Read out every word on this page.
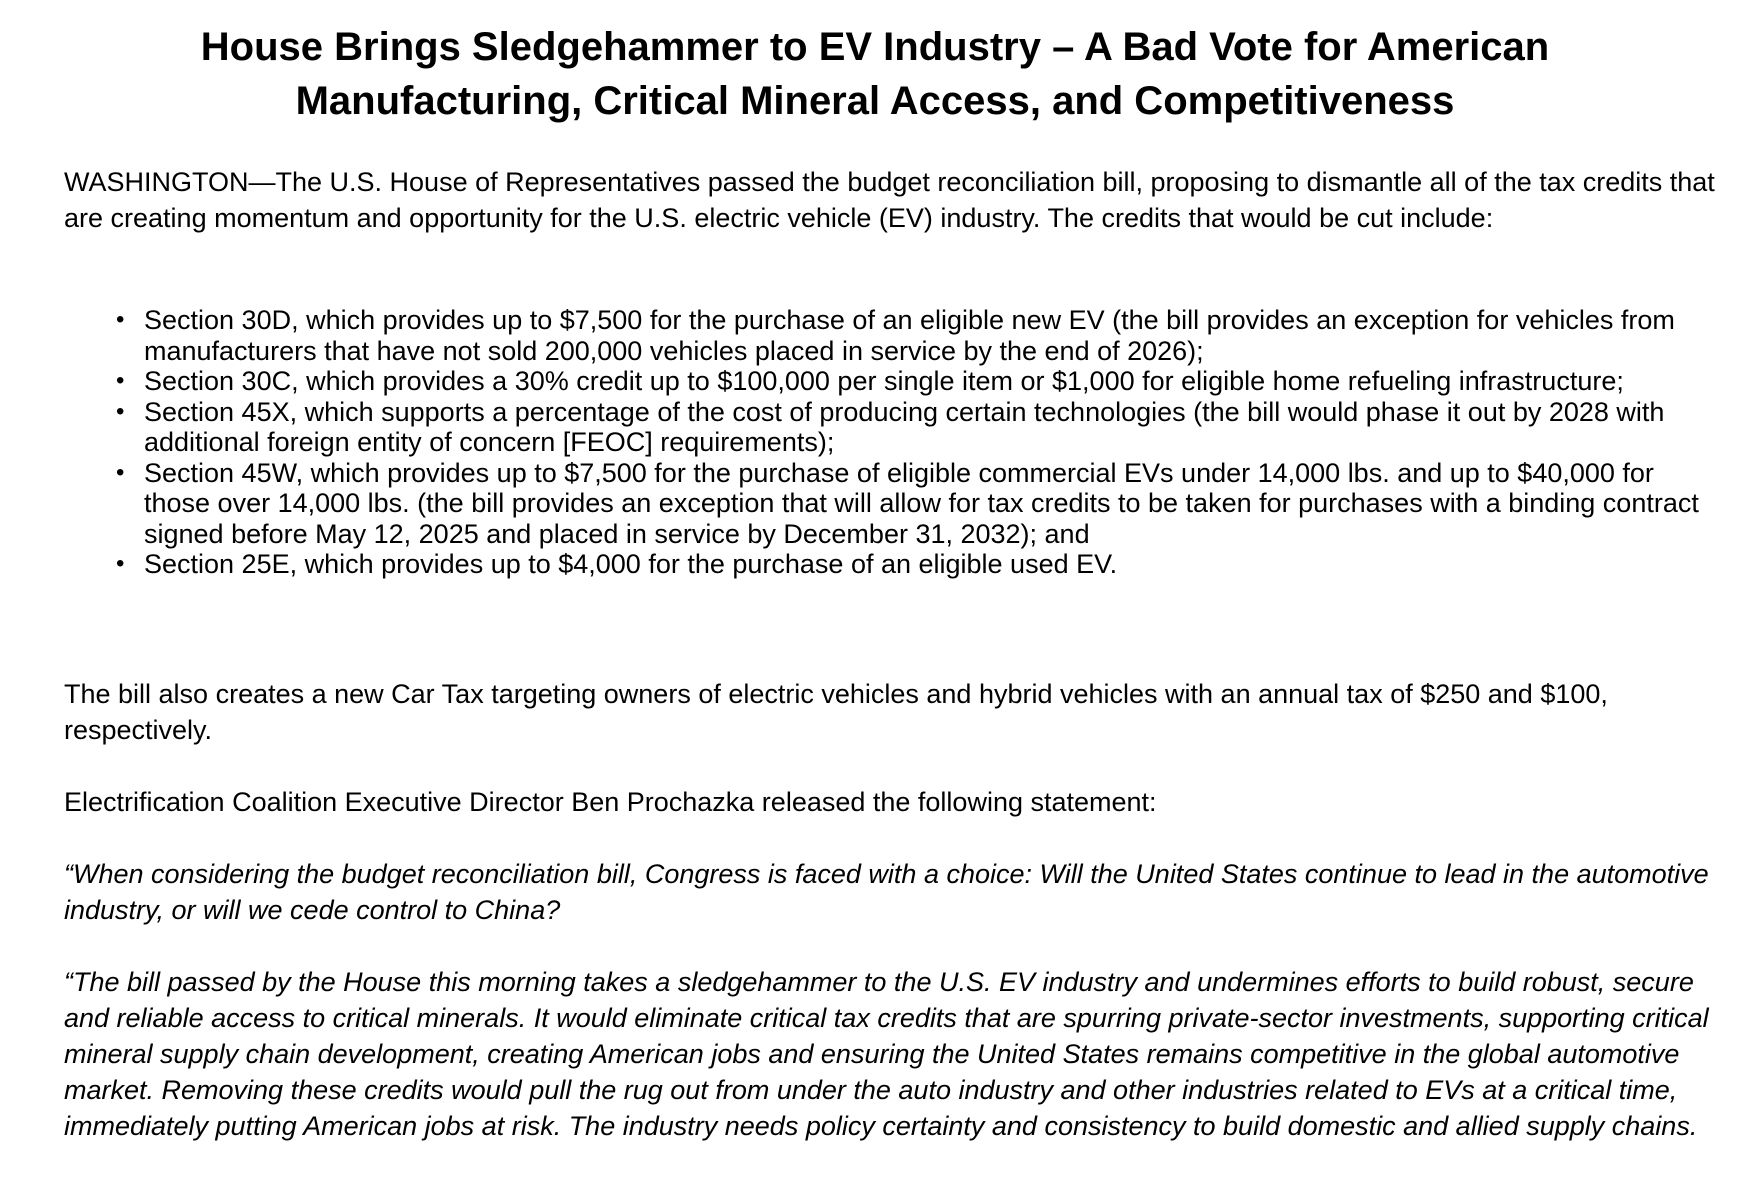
House Brings Sledgehammer to EV Industry – A Bad Vote for American Manufacturing, Critical Mineral Access, and Competitiveness

WASHINGTON—The U.S. House of Representatives passed the budget reconciliation bill, proposing to dismantle all of the tax credits that are creating momentum and opportunity for the U.S. electric vehicle (EV) industry. The credits that would be cut include:

• Section 30D, which provides up to $7,500 for the purchase of an eligible new EV (the bill provides an exception for vehicles from manufacturers that have not sold 200,000 vehicles placed in service by the end of 2026);
• Section 30C, which provides a 30% credit up to $100,000 per single item or $1,000 for eligible home refueling infrastructure;
• Section 45X, which supports a percentage of the cost of producing certain technologies (the bill would phase it out by 2028 with additional foreign entity of concern [FEOC] requirements);
• Section 45W, which provides up to $7,500 for the purchase of eligible commercial EVs under 14,000 lbs. and up to $40,000 for those over 14,000 lbs. (the bill provides an exception that will allow for tax credits to be taken for purchases with a binding contract signed before May 12, 2025 and placed in service by December 31, 2032); and
• Section 25E, which provides up to $4,000 for the purchase of an eligible used EV.

The bill also creates a new Car Tax targeting owners of electric vehicles and hybrid vehicles with an annual tax of $250 and $100, respectively.

Electrification Coalition Executive Director Ben Prochazka released the following statement:

“When considering the budget reconciliation bill, Congress is faced with a choice: Will the United States continue to lead in the automotive industry, or will we cede control to China?

“The bill passed by the House this morning takes a sledgehammer to the U.S. EV industry and undermines efforts to build robust, secure and reliable access to critical minerals. It would eliminate critical tax credits that are spurring private-sector investments, supporting critical mineral supply chain development, creating American jobs and ensuring the United States remains competitive in the global automotive market. Removing these credits would pull the rug out from under the auto industry and other industries related to EVs at a critical time, immediately putting American jobs at risk. The industry needs policy certainty and consistency to build domestic and allied supply chains.
